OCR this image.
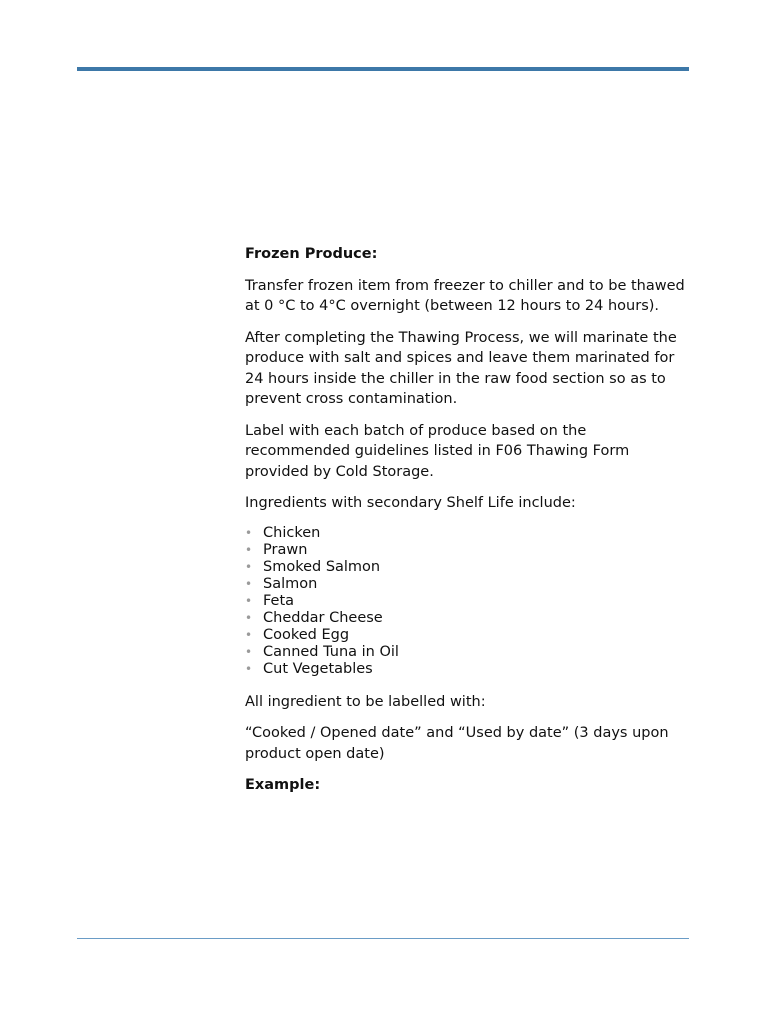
Frozen Produce:

Transfer frozen item from freezer to chiller and to be thawed at 0 °C to 4°C overnight (between 12 hours to 24 hours).

After completing the Thawing Process, we will marinate the produce with salt and spices and leave them marinated for 24 hours inside the chiller in the raw food section so as to prevent cross contamination.

Label with each batch of produce based on the recommended guidelines listed in F06 Thawing Form provided by Cold Storage.

Ingredients with secondary Shelf Life include:

• Chicken
• Prawn
• Smoked Salmon
• Salmon
• Feta
• Cheddar Cheese
• Cooked Egg
• Canned Tuna in Oil
• Cut Vegetables

All ingredient to be labelled with:

“Cooked / Opened date” and “Used by date” (3 days upon product open date)

Example:
